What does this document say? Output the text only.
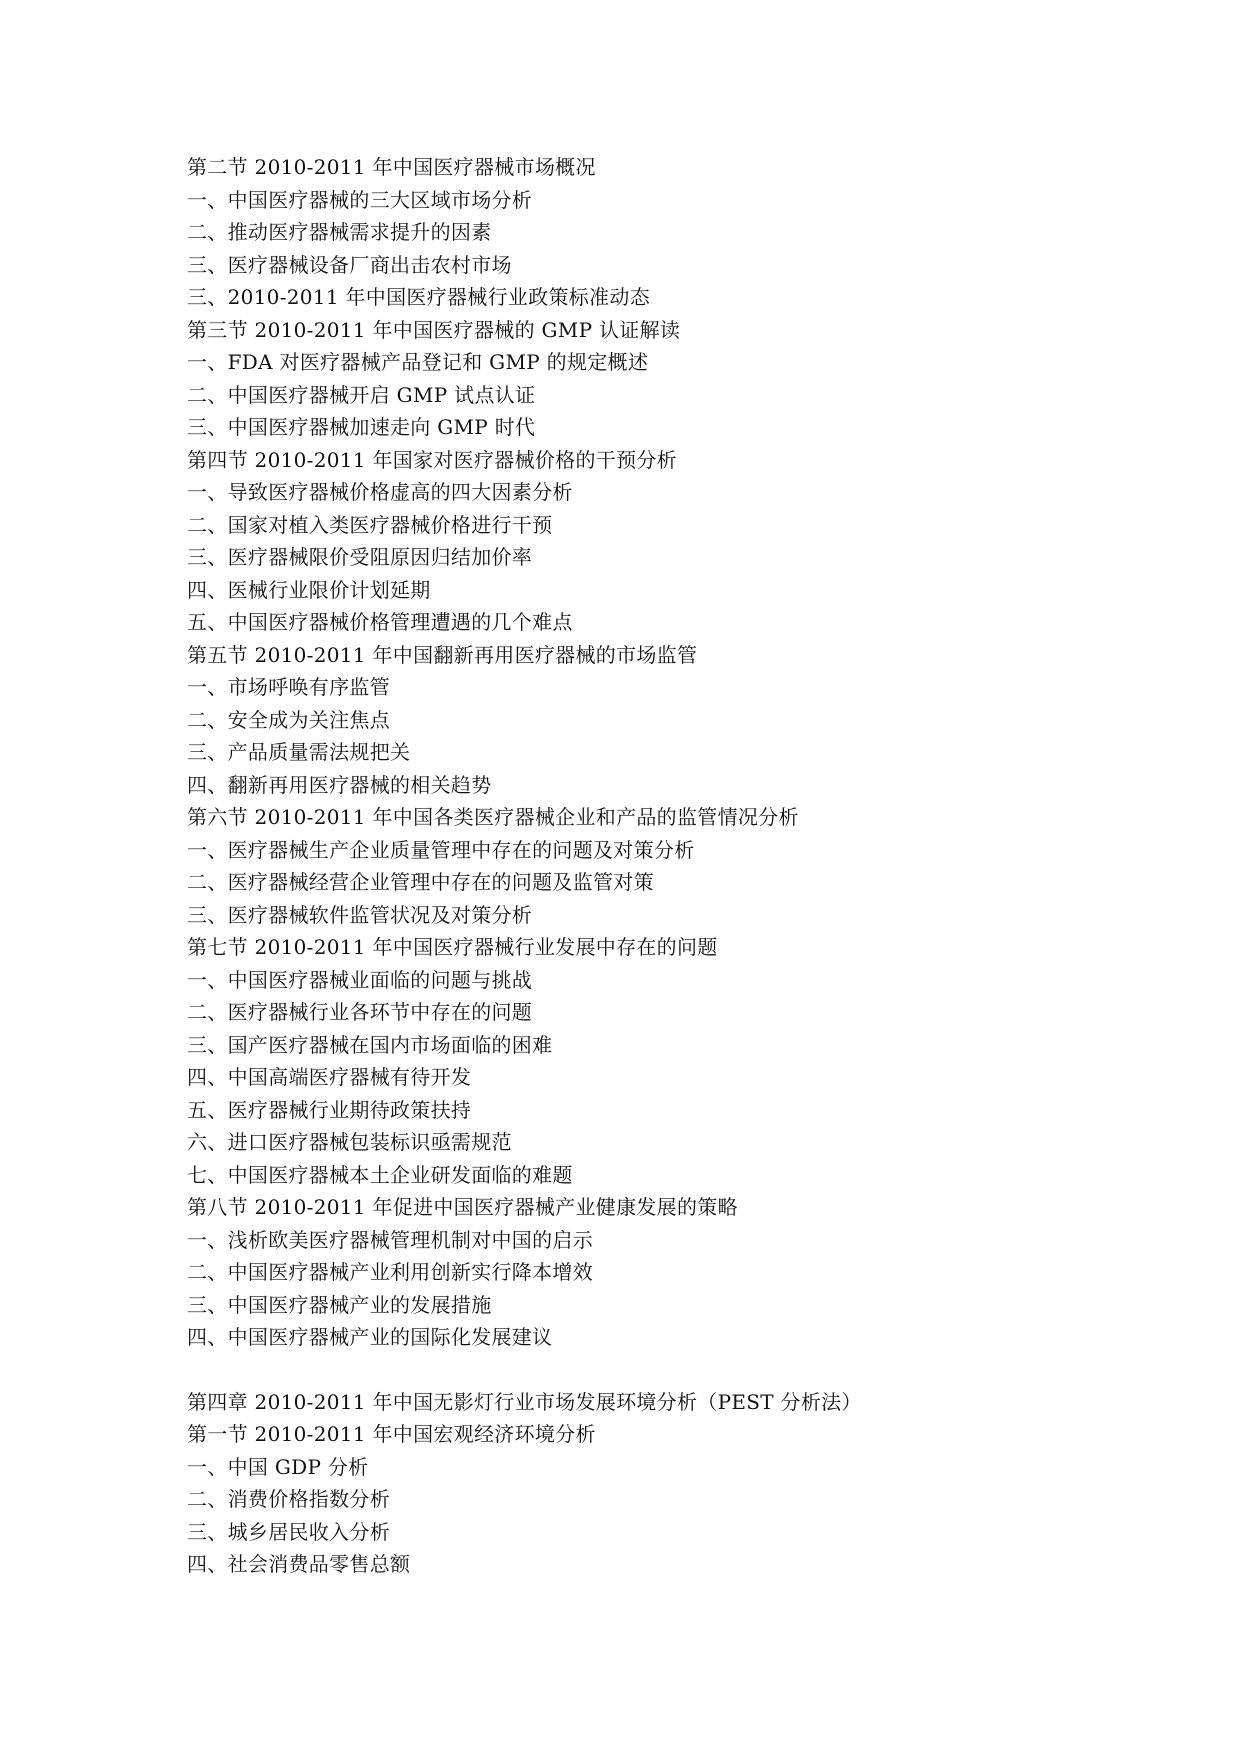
第二节 2010-2011 年中国医疗器械市场概况
一、中国医疗器械的三大区域市场分析
二、推动医疗器械需求提升的因素
三、医疗器械设备厂商出击农村市场
三、2010-2011 年中国医疗器械行业政策标准动态
第三节 2010-2011 年中国医疗器械的 GMP 认证解读
一、FDA 对医疗器械产品登记和 GMP 的规定概述
二、中国医疗器械开启 GMP 试点认证
三、中国医疗器械加速走向 GMP 时代
第四节 2010-2011 年国家对医疗器械价格的干预分析
一、导致医疗器械价格虚高的四大因素分析
二、国家对植入类医疗器械价格进行干预
三、医疗器械限价受阻原因归结加价率
四、医械行业限价计划延期
五、中国医疗器械价格管理遭遇的几个难点
第五节 2010-2011 年中国翻新再用医疗器械的市场监管
一、市场呼唤有序监管
二、安全成为关注焦点
三、产品质量需法规把关
四、翻新再用医疗器械的相关趋势
第六节 2010-2011 年中国各类医疗器械企业和产品的监管情况分析
一、医疗器械生产企业质量管理中存在的问题及对策分析
二、医疗器械经营企业管理中存在的问题及监管对策
三、医疗器械软件监管状况及对策分析
第七节 2010-2011 年中国医疗器械行业发展中存在的问题
一、中国医疗器械业面临的问题与挑战
二、医疗器械行业各环节中存在的问题
三、国产医疗器械在国内市场面临的困难
四、中国高端医疗器械有待开发
五、医疗器械行业期待政策扶持
六、进口医疗器械包装标识亟需规范
七、中国医疗器械本土企业研发面临的难题
第八节 2010-2011 年促进中国医疗器械产业健康发展的策略
一、浅析欧美医疗器械管理机制对中国的启示
二、中国医疗器械产业利用创新实行降本增效
三、中国医疗器械产业的发展措施
四、中国医疗器械产业的国际化发展建议
第四章 2010-2011 年中国无影灯行业市场发展环境分析（PEST 分析法）
第一节 2010-2011 年中国宏观经济环境分析
一、中国 GDP 分析
二、消费价格指数分析
三、城乡居民收入分析
四、社会消费品零售总额
